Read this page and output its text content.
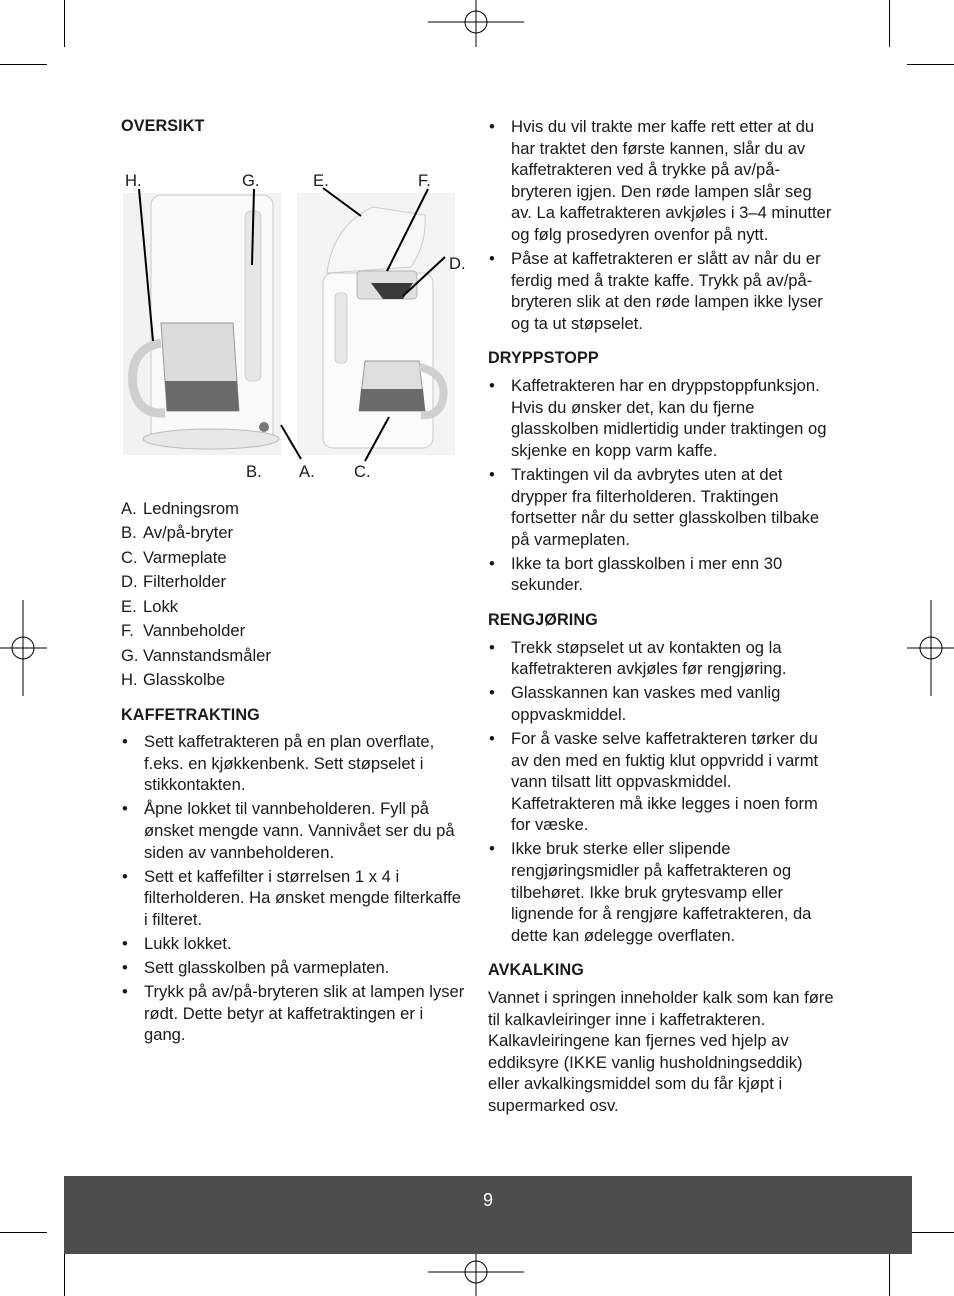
OVERSIKT
H.	G.	E.	F.
D.
B. A. C.
A. Ledningsrom
B. Av/på-bryter
C. Varmeplate
D. Filterholder
E. Lokk
F. Vannbeholder
G. Vannstandsmåler
H. Glasskolbe
KAFFETRAKTING
• Sett kaffetrakteren på en plan overflate, f.eks. en kjøkkenbenk. Sett støpselet i stikkontakten.
• Åpne lokket til vannbeholderen. Fyll på ønsket mengde vann. Vannivået ser du på siden av vannbeholderen.
• Sett et kaffefilter i størrelsen 1 x 4 i filterholderen. Ha ønsket mengde filterkaffe i filteret.
• Lukk lokket.
• Sett glasskolben på varmeplaten.
• Trykk på av/på-bryteren slik at lampen lyser rødt. Dette betyr at kaffetraktingen er i gang.
• Hvis du vil trakte mer kaffe rett etter at du har traktet den første kannen, slår du av kaffetrakteren ved å trykke på av/på-bryteren igjen. Den røde lampen slår seg av. La kaffetrakteren avkjøles i 3–4 minutter og følg prosedyren ovenfor på nytt.
• Påse at kaffetrakteren er slått av når du er ferdig med å trakte kaffe. Trykk på av/på-bryteren slik at den røde lampen ikke lyser og ta ut støpselet.
DRYPPSTOPP
• Kaffetrakteren har en dryppstoppfunksjon. Hvis du ønsker det, kan du fjerne glasskolben midlertidig under traktingen og skjenke en kopp varm kaffe.
• Traktingen vil da avbrytes uten at det drypper fra filterholderen. Traktingen fortsetter når du setter glasskolben tilbake på varmeplaten.
• Ikke ta bort glasskolben i mer enn 30 sekunder.
RENGJØRING
• Trekk støpselet ut av kontakten og la kaffetrakteren avkjøles før rengjøring.
• Glasskannen kan vaskes med vanlig oppvaskmiddel.
• For å vaske selve kaffetrakteren tørker du av den med en fuktig klut oppvridd i varmt vann tilsatt litt oppvaskmiddel. Kaffetrakteren må ikke legges i noen form for væske.
• Ikke bruk sterke eller slipende rengjøringsmidler på kaffetrakteren og tilbehøret. Ikke bruk grytesvamp eller lignende for å rengjøre kaffetrakteren, da dette kan ødelegge overflaten.
AVKALKING

Vannet i springen inneholder kalk som kan føre til kalkavleiringer inne i kaffetrakteren. Kalkavleiringene kan fjernes ved hjelp av eddiksyre (IKKE vanlig husholdningseddik) eller avkalkingsmiddel som du får kjøpt i supermarked osv.

9
